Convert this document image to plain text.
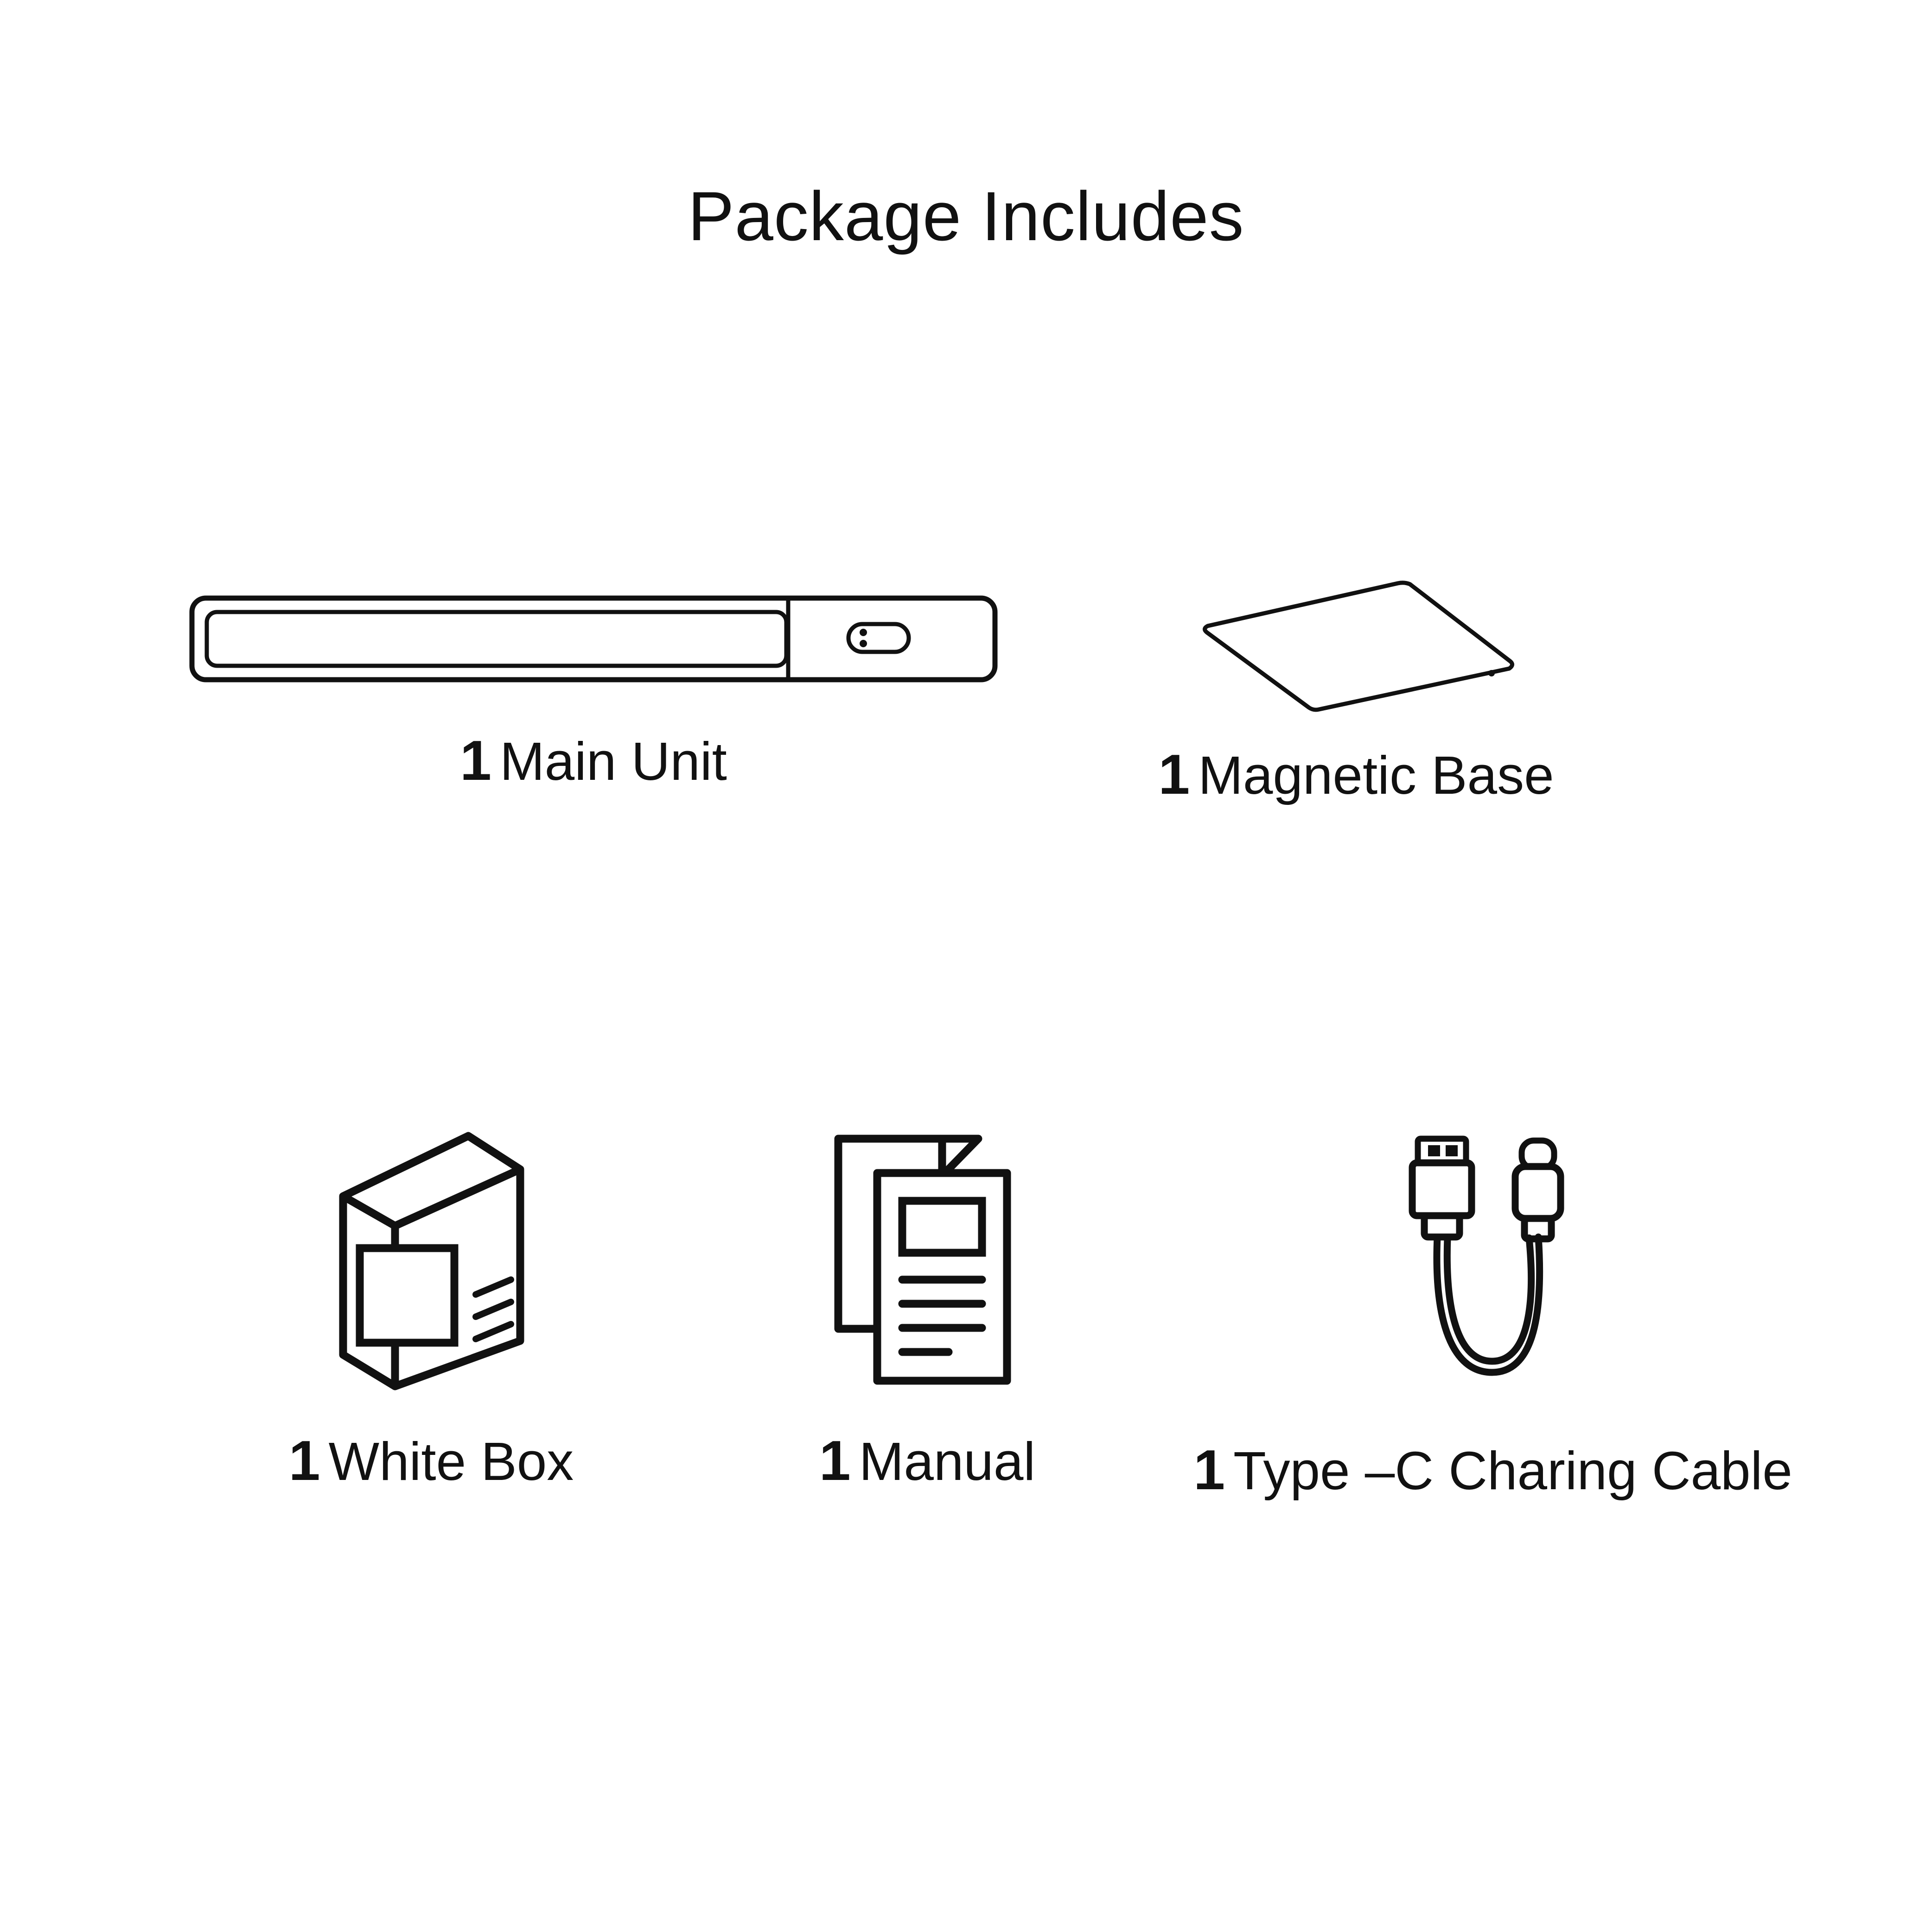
Package Includes
1 Main Unit	1 Magnetic Base
1 White Box	1 Manual	1 Type –C Charing Cable
